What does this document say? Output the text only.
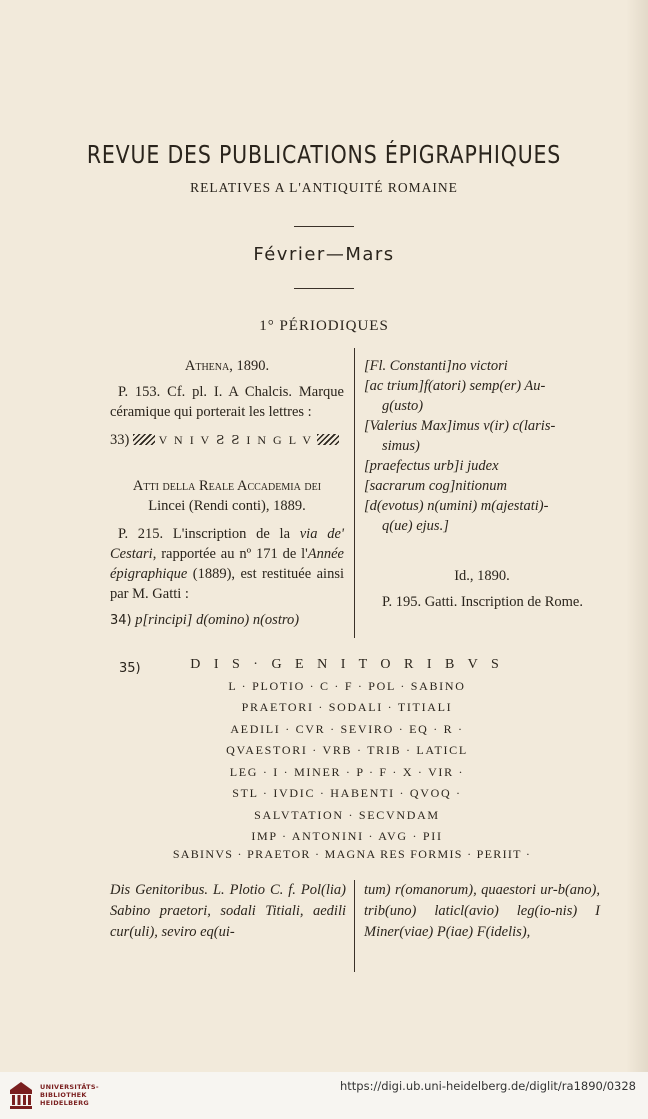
REVUE DES PUBLICATIONS ÉPIGRAPHIQUES
RELATIVES A L'ANTIQUITÉ ROMAINE
Février—Mars
1° PÉRIODIQUES

Athena, 1890.

P. 153. Cf. pl. I. A Chalcis. Marque céramique qui porterait les lettres :

33) V N I V Ꙅ Ꙅ I N G L V

Atti della Reale Accademia dei

Lincei (Rendi conti), 1889.

P. 215. L'inscription de la via de' Cestari, rapportée au nº 171 de l'Année épigraphique (1889), est restituée ainsi par M. Gatti :

34) p[rincipi] d(omino) n(ostro)

[Fl. Constanti]no victori

[ac trium]f(atori) semp(er) Au-

g(usto)

[Valerius Max]imus v(ir) c(laris-

simus)

[praefectus urb]i judex

[sacrarum cog]nitionum

[d(evotus) n(umini) m(ajestati)-

q(ue) ejus.]

Id., 1890.

P. 195. Gatti. Inscription de Rome.

35)	D I S · G E N I T O R I B V S
L · PLOTIO · C · F · POL · SABINO
PRAETORI · SODALI · TITIALI
AEDILI · CVR · SEVIRO · EQ · R ·
QVAESTORI · VRB · TRIB · LATICL
LEG · I · MINER · P · F · X · VIR ·
STL · IVDIC · HABENTI · QVOQ ·
SALVTATION · SECVNDAM
IMP · ANTONINI · AVG · PII
SABINVS · PRAETOR · MAGNA RES FORMIS · PERIIT ·
Dis Genitoribus. L. Plotio C. f. Pol(lia) Sabino praetori, sodali Titiali, aedili cur(uli), seviro eq(ui-
tum) r(omanorum), quaestori ur-b(ano), trib(uno) laticl(avio) leg(io-nis) I Miner(viae) P(iae) F(idelis),
UNIVERSITÄTS-
BIBLIOTHEK
HEIDELBERG
https://digi.ub.uni-heidelberg.de/diglit/ra1890/0328
